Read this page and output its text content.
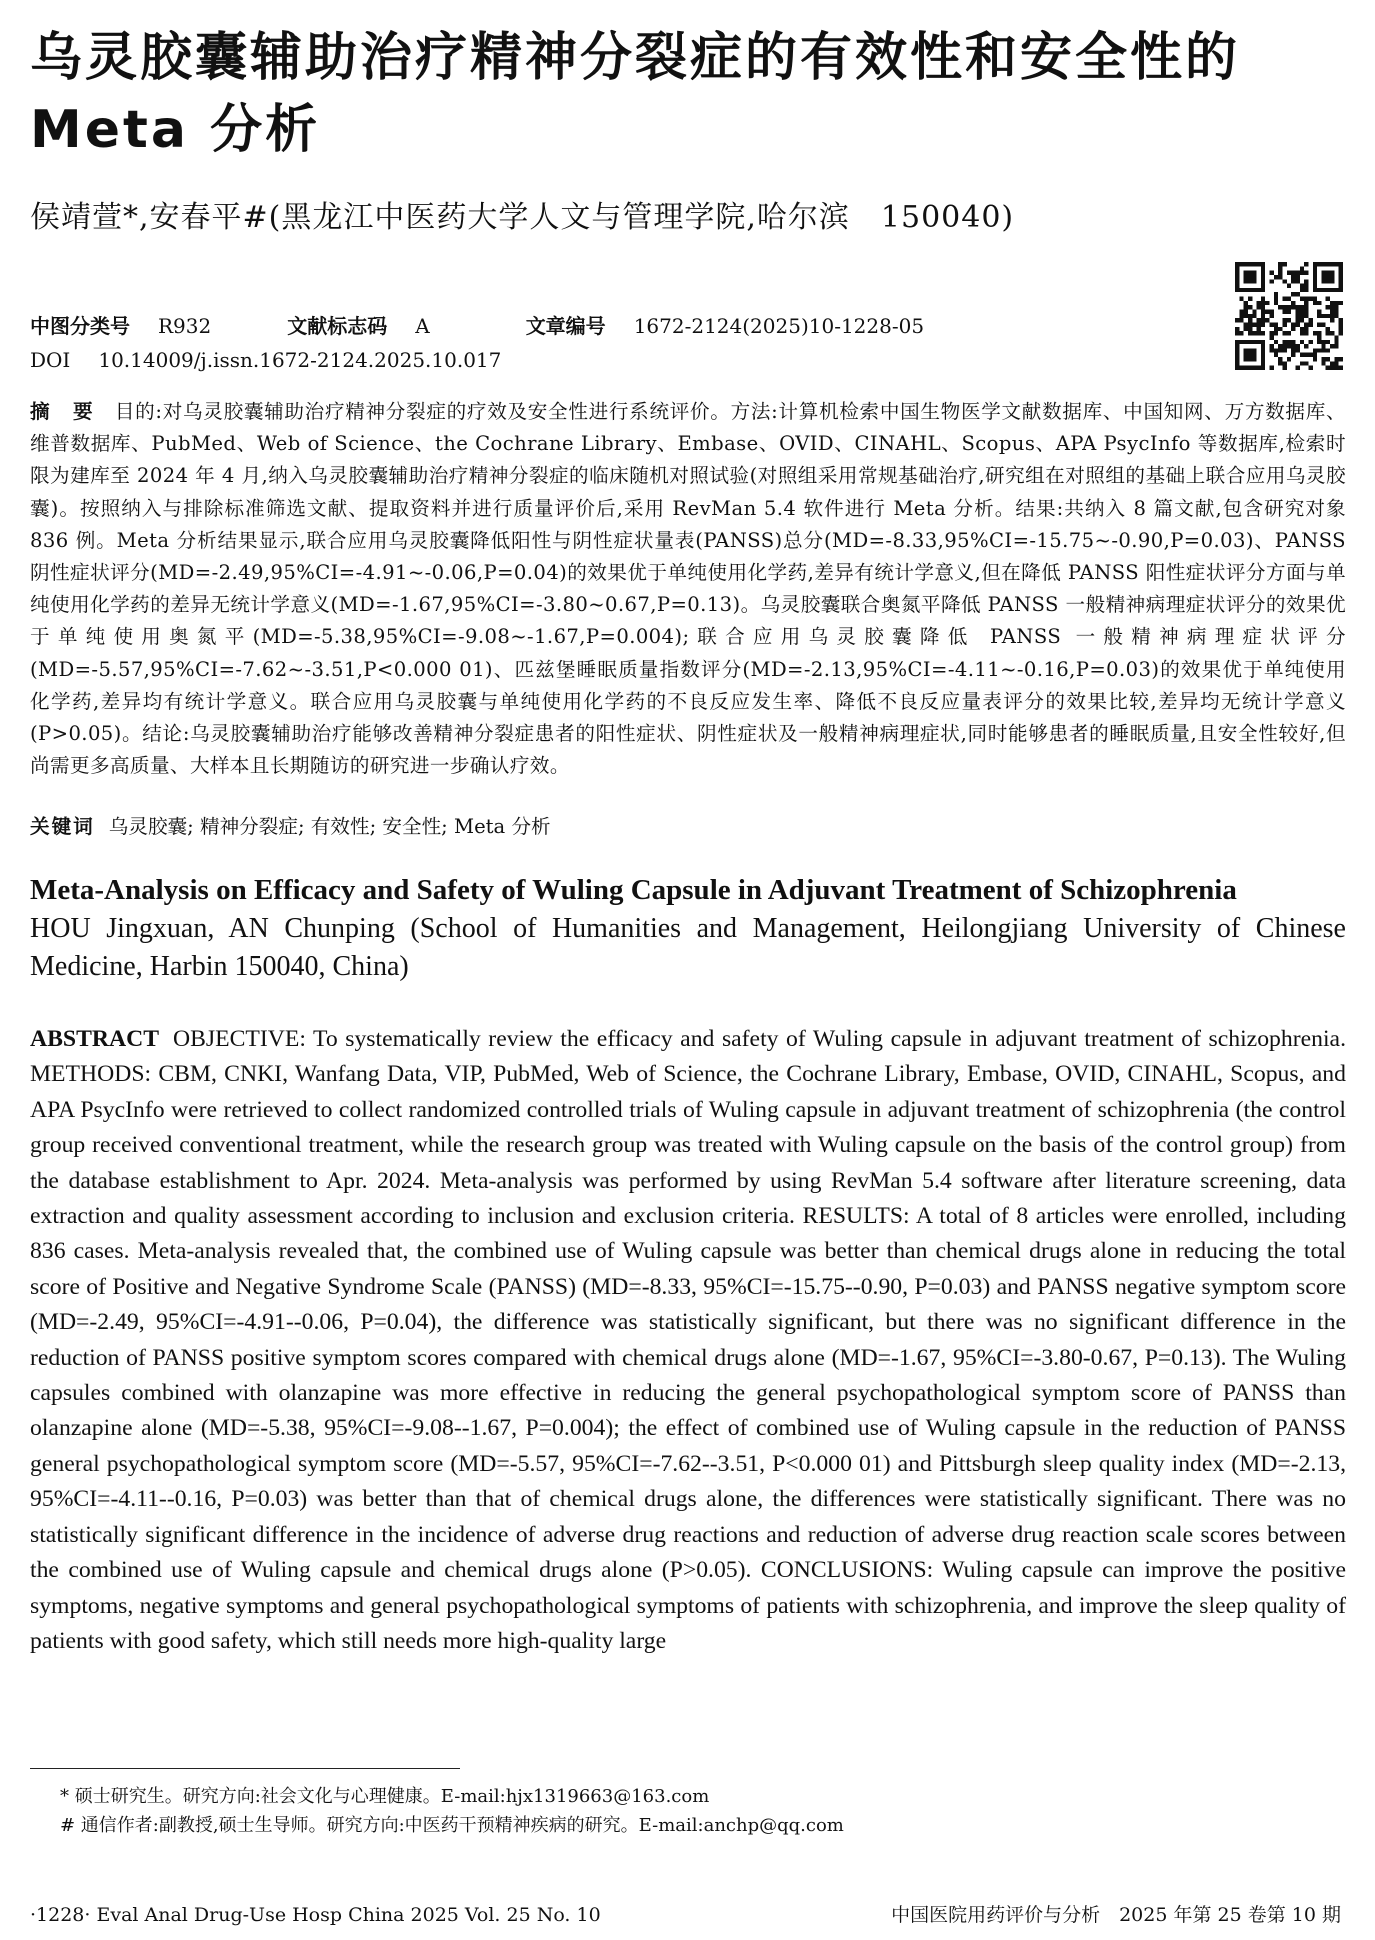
乌灵胶囊辅助治疗精神分裂症的有效性和安全性的Meta 分析
侯靖萱*,安春平#(黑龙江中医药大学人文与管理学院,哈尔滨　150040)
中图分类号 R932	文献标志码 A	文章编号 1672-2124(2025)10-1228-05
DOI 10.14009/j.issn.1672-2124.2025.10.017
摘 要 目的:对乌灵胶囊辅助治疗精神分裂症的疗效及安全性进行系统评价。方法:计算机检索中国生物医学文献数据库、中国知网、万方数据库、维普数据库、PubMed、Web of Science、the Cochrane Library、Embase、OVID、CINAHL、Scopus、APA PsycInfo 等数据库,检索时限为建库至 2024 年 4 月,纳入乌灵胶囊辅助治疗精神分裂症的临床随机对照试验(对照组采用常规基础治疗,研究组在对照组的基础上联合应用乌灵胶囊)。按照纳入与排除标准筛选文献、提取资料并进行质量评价后,采用 RevMan 5.4 软件进行 Meta 分析。结果:共纳入 8 篇文献,包含研究对象 836 例。Meta 分析结果显示,联合应用乌灵胶囊降低阳性与阴性症状量表(PANSS)总分(MD=-8.33,95%CI=-15.75~-0.90,P=0.03)、PANSS 阴性症状评分(MD=-2.49,95%CI=-4.91~-0.06,P=0.04)的效果优于单纯使用化学药,差异有统计学意义,但在降低 PANSS 阳性症状评分方面与单纯使用化学药的差异无统计学意义(MD=-1.67,95%CI=-3.80~0.67,P=0.13)。乌灵胶囊联合奥氮平降低 PANSS 一般精神病理症状评分的效果优于单纯使用奥氮平(MD=-5.38,95%CI=-9.08~-1.67,P=0.004);联合应用乌灵胶囊降低 PANSS 一般精神病理症状评分(MD=-5.57,95%CI=-7.62~-3.51,P<0.000 01)、匹兹堡睡眠质量指数评分(MD=-2.13,95%CI=-4.11~-0.16,P=0.03)的效果优于单纯使用化学药,差异均有统计学意义。联合应用乌灵胶囊与单纯使用化学药的不良反应发生率、降低不良反应量表评分的效果比较,差异均无统计学意义(P>0.05)。结论:乌灵胶囊辅助治疗能够改善精神分裂症患者的阳性症状、阴性症状及一般精神病理症状,同时能够患者的睡眠质量,且安全性较好,但尚需更多高质量、大样本且长期随访的研究进一步确认疗效。
关键词 乌灵胶囊; 精神分裂症; 有效性; 安全性; Meta 分析
Meta-Analysis on Efficacy and Safety of Wuling Capsule in Adjuvant Treatment of Schizophrenia
HOU Jingxuan, AN Chunping (School of Humanities and Management, Heilongjiang University of Chinese Medicine, Harbin 150040, China)
ABSTRACT OBJECTIVE: To systematically review the efficacy and safety of Wuling capsule in adjuvant treatment of schizophrenia. METHODS: CBM, CNKI, Wanfang Data, VIP, PubMed, Web of Science, the Cochrane Library, Embase, OVID, CINAHL, Scopus, and APA PsycInfo were retrieved to collect randomized controlled trials of Wuling capsule in adjuvant treatment of schizophrenia (the control group received conventional treatment, while the research group was treated with Wuling capsule on the basis of the control group) from the database establishment to Apr. 2024. Meta-analysis was performed by using RevMan 5.4 software after literature screening, data extraction and quality assessment according to inclusion and exclusion criteria. RESULTS: A total of 8 articles were enrolled, including 836 cases. Meta-analysis revealed that, the combined use of Wuling capsule was better than chemical drugs alone in reducing the total score of Positive and Negative Syndrome Scale (PANSS) (MD=-8.33, 95%CI=-15.75--0.90, P=0.03) and PANSS negative symptom score (MD=-2.49, 95%CI=-4.91--0.06, P=0.04), the difference was statistically significant, but there was no significant difference in the reduction of PANSS positive symptom scores compared with chemical drugs alone (MD=-1.67, 95%CI=-3.80-0.67, P=0.13). The Wuling capsules combined with olanzapine was more effective in reducing the general psychopathological symptom score of PANSS than olanzapine alone (MD=-5.38, 95%CI=-9.08--1.67, P=0.004); the effect of combined use of Wuling capsule in the reduction of PANSS general psychopathological symptom score (MD=-5.57, 95%CI=-7.62--3.51, P<0.000 01) and Pittsburgh sleep quality index (MD=-2.13, 95%CI=-4.11--0.16, P=0.03) was better than that of chemical drugs alone, the differences were statistically significant. There was no statistically significant difference in the incidence of adverse drug reactions and reduction of adverse drug reaction scale scores between the combined use of Wuling capsule and chemical drugs alone (P>0.05). CONCLUSIONS: Wuling capsule can improve the positive symptoms, negative symptoms and general psychopathological symptoms of patients with schizophrenia, and improve the sleep quality of patients with good safety, which still needs more high-quality large
* 硕士研究生。研究方向:社会文化与心理健康。E-mail:hjx1319663@163.com
# 通信作者:副教授,硕士生导师。研究方向:中医药干预精神疾病的研究。E-mail:anchp@qq.com
·1228· Eval Anal Drug-Use Hosp China 2025 Vol. 25 No. 10	中国医院用药评价与分析　2025 年第 25 卷第 10 期
